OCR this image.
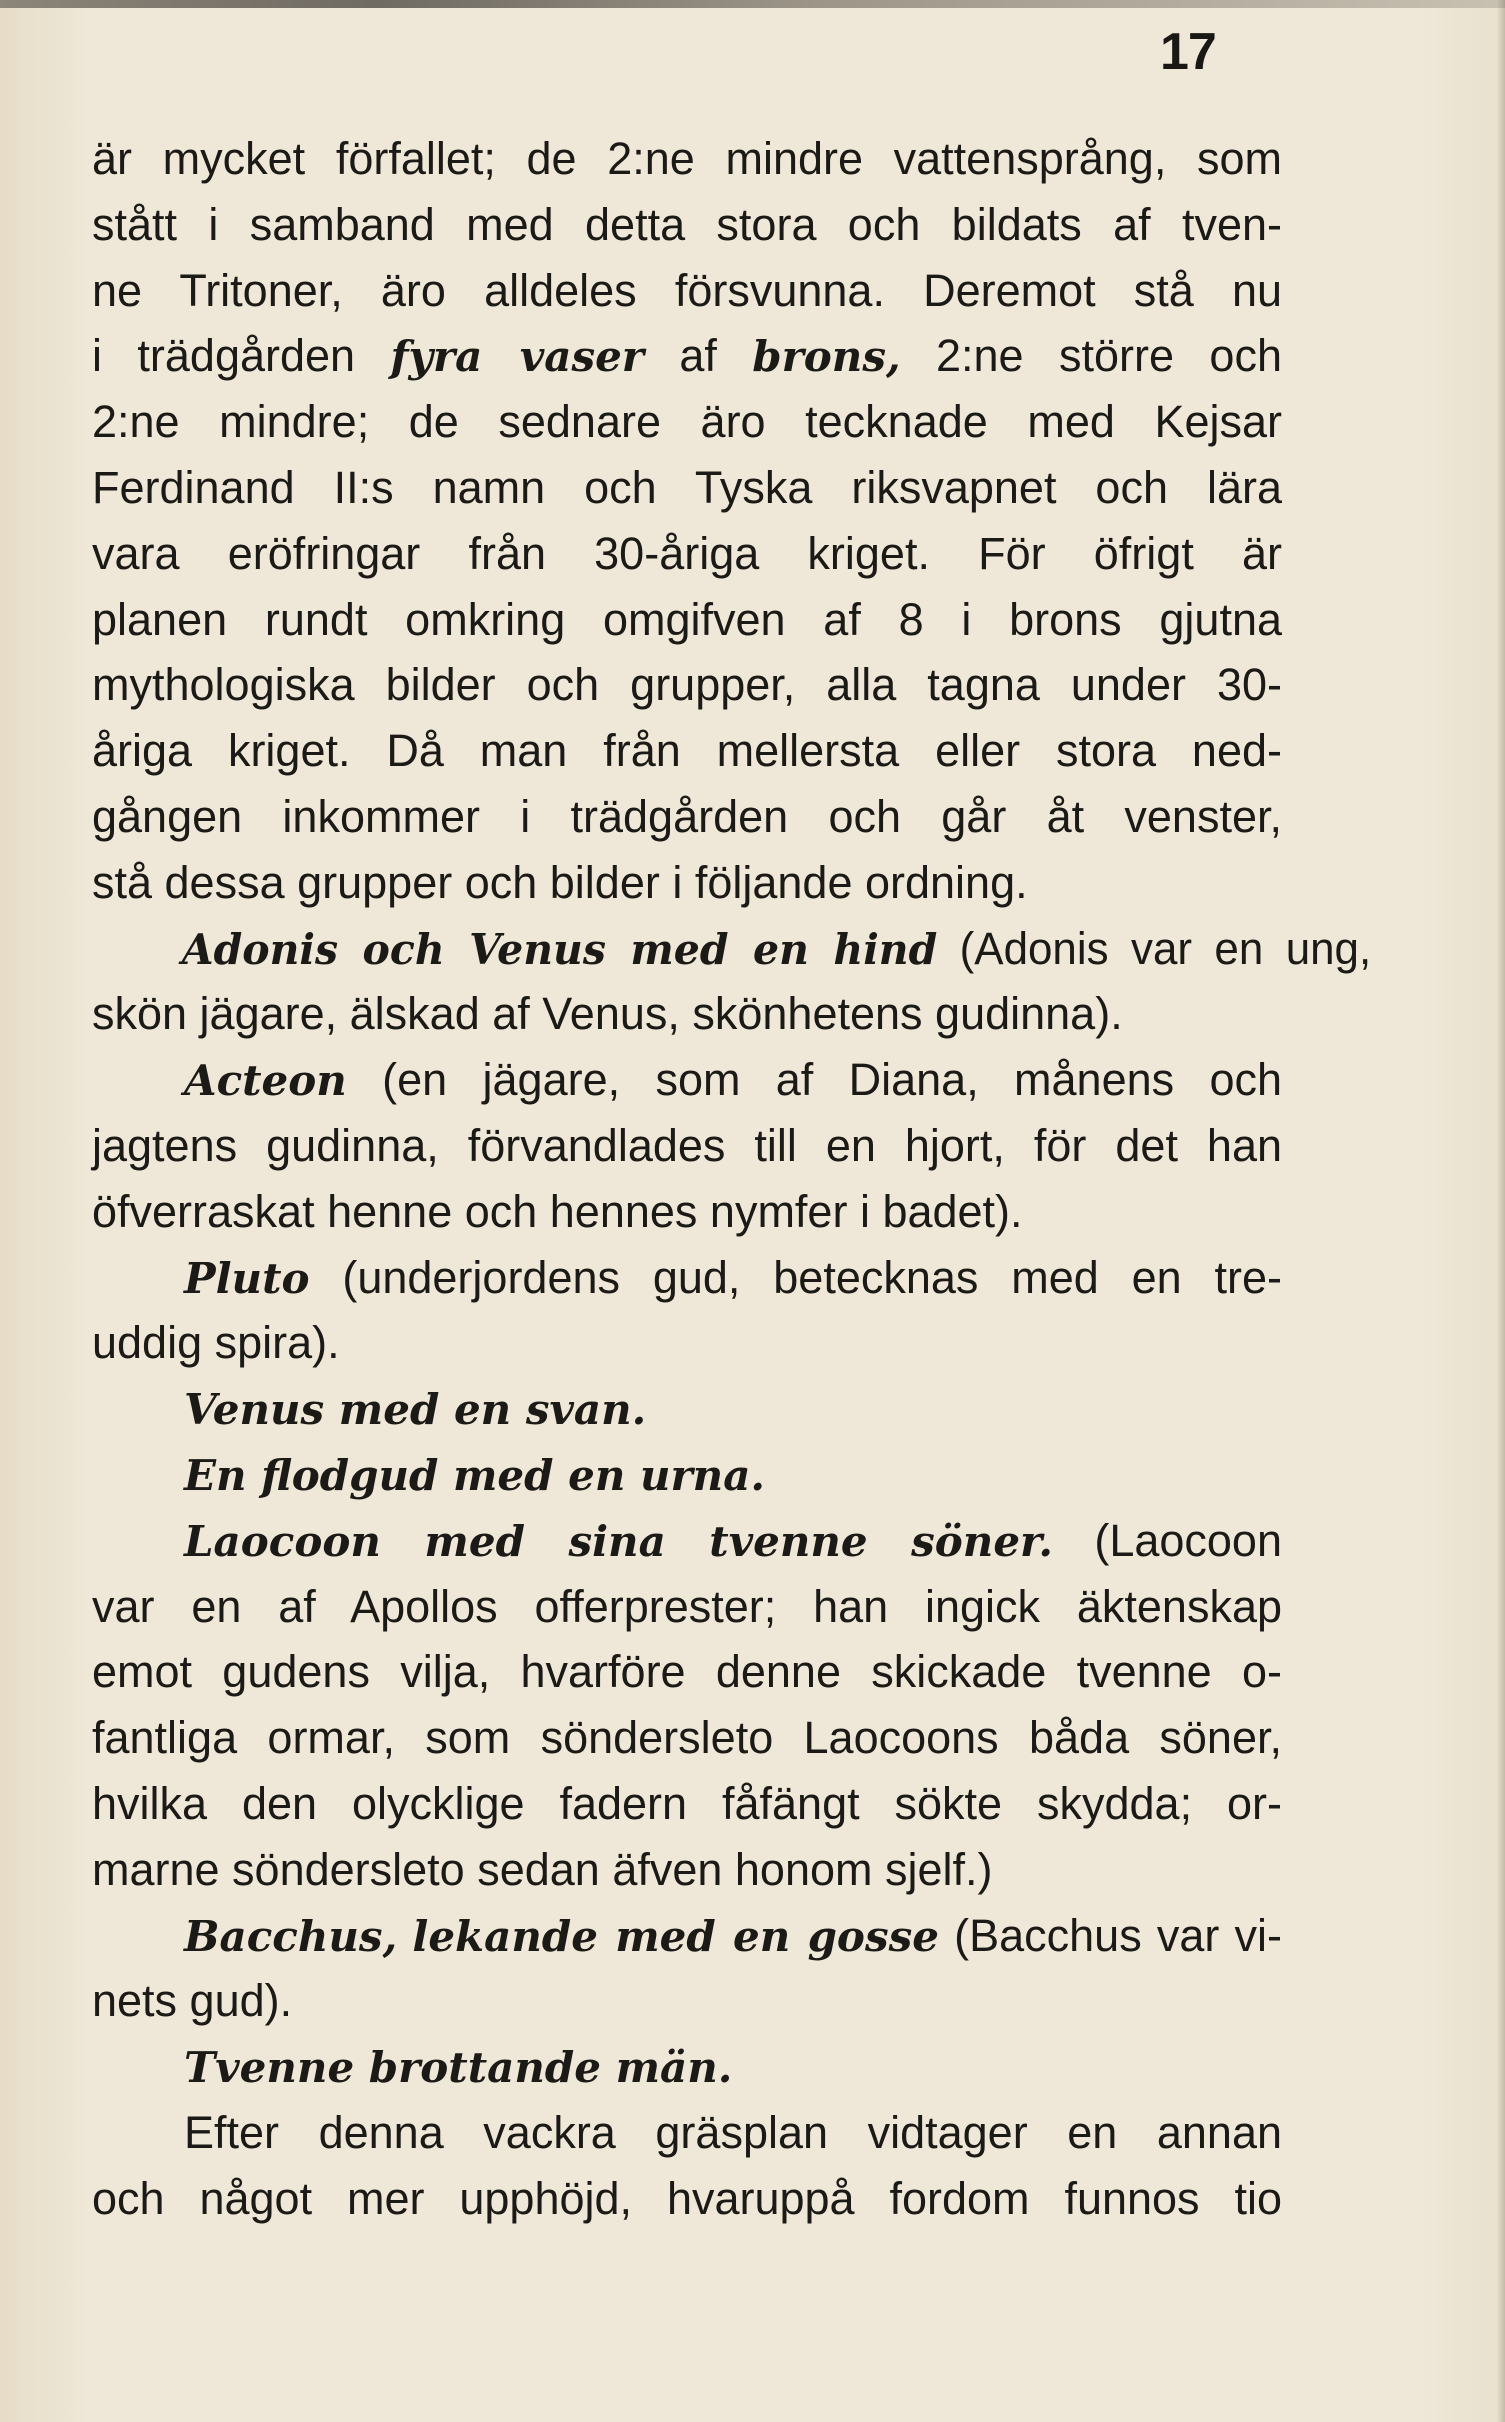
17
är mycket förfallet; de 2:ne mindre vattensprång, som
stått i samband med detta stora och bildats af tven-
ne Tritoner, äro alldeles försvunna. Deremot stå nu
i trädgården fyra vaser af brons, 2:ne större och
2:ne mindre; de sednare äro tecknade med Kejsar
Ferdinand II:s namn och Tyska riksvapnet och lära
vara eröfringar från 30-åriga kriget. För öfrigt är
planen rundt omkring omgifven af 8 i brons gjutna
mythologiska bilder och grupper, alla tagna under 30-
åriga kriget. Då man från mellersta eller stora ned-
gången inkommer i trädgården och går åt venster,
stå dessa grupper och bilder i följande ordning.
Adonis och Venus med en hind (Adonis var en ung,
skön jägare, älskad af Venus, skönhetens gudinna).
Acteon (en jägare, som af Diana, månens och
jagtens gudinna, förvandlades till en hjort, för det han
öfverraskat henne och hennes nymfer i badet).
Pluto (underjordens gud, betecknas med en tre-
uddig spira).
Venus med en svan.
En flodgud med en urna.
Laocoon med sina tvenne söner. (Laocoon
var en af Apollos offerprester; han ingick äktenskap
emot gudens vilja, hvarföre denne skickade tvenne o-
fantliga ormar, som söndersleto Laocoons båda söner,
hvilka den olycklige fadern fåfängt sökte skydda; or-
marne söndersleto sedan äfven honom sjelf.)
Bacchus, lekande med en gosse (Bacchus var vi-
nets gud).
Tvenne brottande män.
Efter denna vackra gräsplan vidtager en annan
och något mer upphöjd, hvaruppå fordom funnos tio
